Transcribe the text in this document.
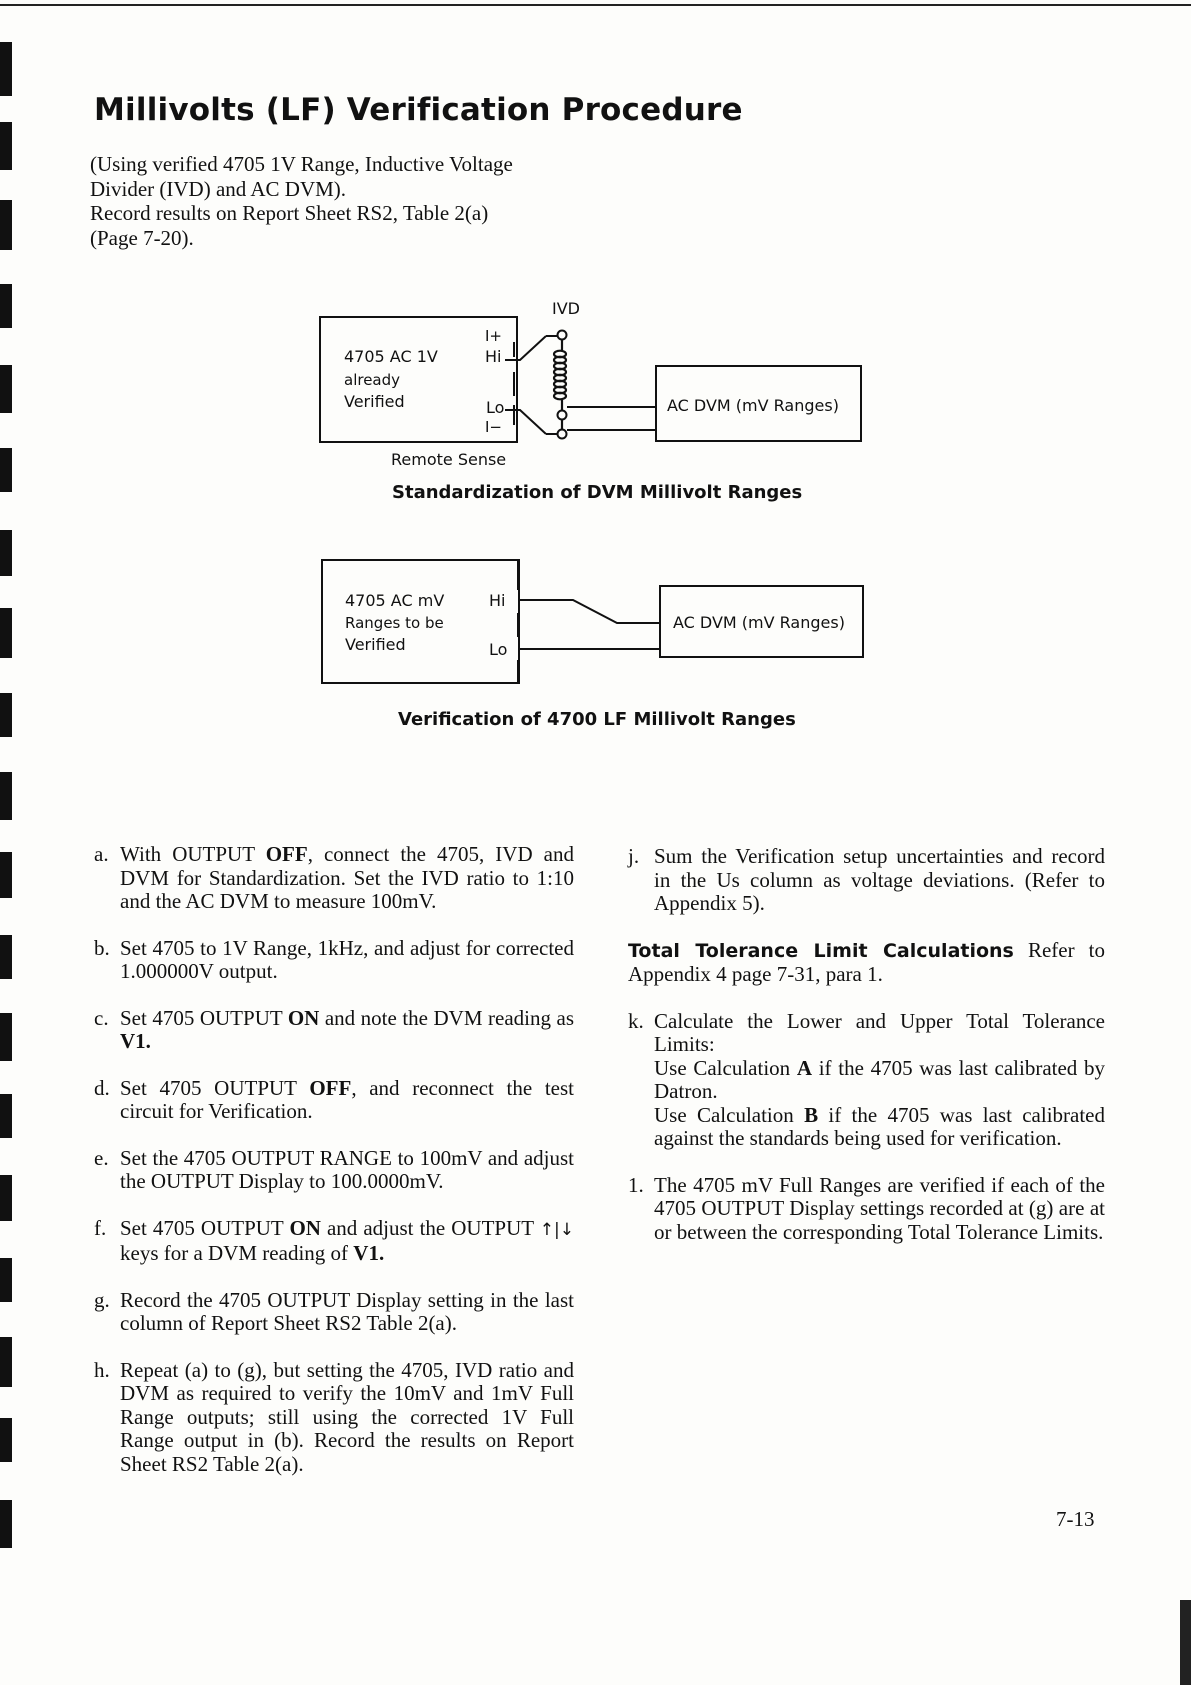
Millivolts (LF) Verification Procedure
(Using verified 4705 1V Range, Inductive Voltage
Divider (IVD) and AC DVM).
Record results on Report Sheet RS2, Table 2(a)
(Page 7-20).
4705 AC 1V
already
Verified
I+
Hi
Lo
I−
IVD
AC DVM (mV Ranges)
Remote Sense
4705 AC mV
Ranges to be
Verified
Hi
Lo
AC DVM (mV Ranges)
Standardization of DVM Millivolt Ranges
Verification of 4700 LF Millivolt Ranges
a. With OUTPUT OFF, connect the 4705, IVD and DVM for Standardization. Set the IVD ratio to 1:10 and the AC DVM to measure 100mV.

b. Set 4705 to 1V Range, 1kHz, and adjust for corrected 1.000000V output.

c. Set 4705 OUTPUT ON and note the DVM reading as V1.

d. Set 4705 OUTPUT OFF, and reconnect the test circuit for Verification.

e. Set the 4705 OUTPUT RANGE to 100mV and adjust the OUTPUT Display to 100.0000mV.

f. Set 4705 OUTPUT ON and adjust the OUTPUT ↑|↓ keys for a DVM reading of V1.

g. Record the 4705 OUTPUT Display setting in the last column of Report Sheet RS2 Table 2(a).

h. Repeat (a) to (g), but setting the 4705, IVD ratio and DVM as required to verify the 10mV and 1mV Full Range outputs; still using the corrected 1V Full Range output in (b). Record the results on Report Sheet RS2 Table 2(a).

j. Sum the Verification setup uncertainties and record in the Us column as voltage deviations. (Refer to Appendix 5).

Total Tolerance Limit Calculations Refer to Appendix 4 page 7-31, para 1.

k. Calculate the Lower and Upper Total Tolerance Limits:

Use Calculation A if the 4705 was last calibrated by Datron.

Use Calculation B if the 4705 was last calibrated against the standards being used for verification.

1. The 4705 mV Full Ranges are verified if each of the 4705 OUTPUT Display settings recorded at (g) are at or between the corresponding Total Tolerance Limits.

7-13
